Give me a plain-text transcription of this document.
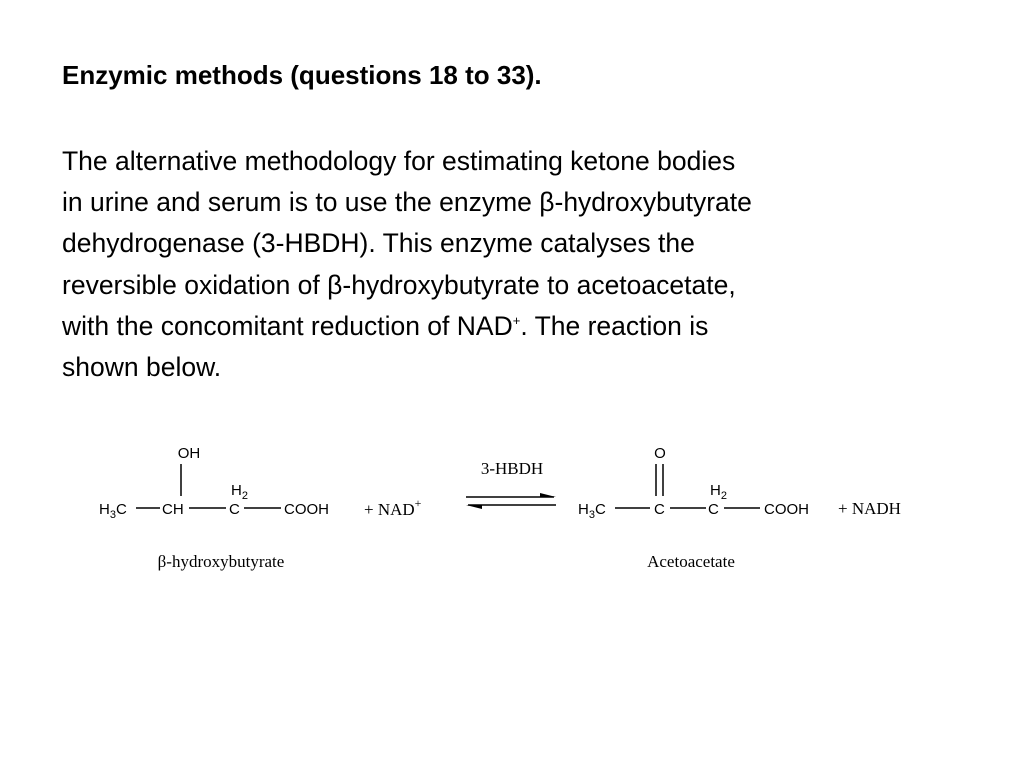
Enzymic methods (questions 18 to 33).

The alternative methodology for estimating ketone bodies
in urine and serum is to use the enzyme β-hydroxybutyrate
dehydrogenase (3-HBDH). This enzyme catalyses the
reversible oxidation of β-hydroxybutyrate to acetoacetate,
with the concomitant reduction of NAD+. The reaction is
shown below.

OH
$H_3C$ CH
$H_2$
C	COOH + NAD+
3-HBDH
O
$H_3C$	C
$H_2$
C	COOH + NADH
β-hydroxybutyrate	Acetoacetate
